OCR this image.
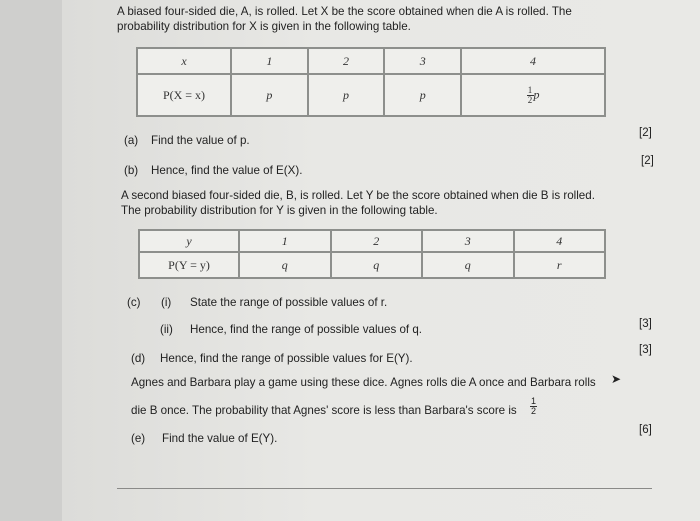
A biased four-sided die, A, is rolled. Let X be the score obtained when die A is rolled. The
probability distribution for X is given in the following table.
x	1	2	3	4
P(X = x)	p	p	p	$\frac{1}{2}$ p
(a) Find the value of p.
[2]
(b) Hence, find the value of E(X).
[2]
A second biased four-sided die, B, is rolled. Let Y be the score obtained when die B is rolled.
The probability distribution for Y is given in the following table.
y	1	2	3	4
P(Y = y)	q	q	q	r
(c) (i) State the range of possible values of r.
(ii) Hence, find the range of possible values of q.	[3]
(d) Hence, find the range of possible values for E(Y).
[3]
Agnes and Barbara play a game using these dice. Agnes rolls die A once and Barbara rolls ➤
die B once. The probability that Agnes' score is less than Barbara's score is
1
2
(e) Find the value of E(Y).
[6]
